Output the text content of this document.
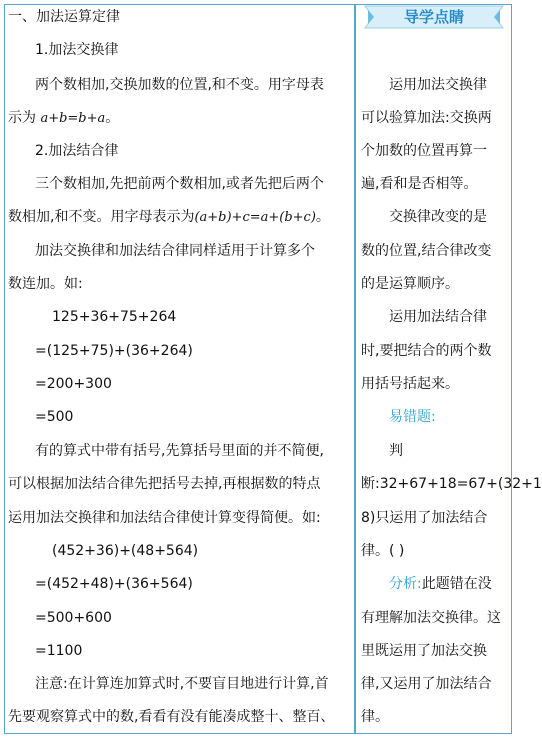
一、加法运算定律
1.加法交换律
两个数相加,交换加数的位置,和不变。用字母表
示为 a+b=b+a。
2.加法结合律
三个数相加,先把前两个数相加,或者先把后两个
数相加,和不变。用字母表示为(a+b)+c=a+(b+c)。
加法交换律和加法结合律同样适用于计算多个
数连加。如:
125+36+75+264
=(125+75)+(36+264)
=200+300
=500
有的算式中带有括号,先算括号里面的并不简便,
可以根据加法结合律先把括号去掉,再根据数的特点
运用加法交换律和加法结合律使计算变得简便。如:
(452+36)+(48+564)
=(452+48)+(36+564)
=500+600
=1100
注意:在计算连加算式时,不要盲目地进行计算,首
先要观察算式中的数,看看有没有能凑成整十、整百、
导学点睛
运用加法交换律
可以验算加法:交换两
个加数的位置再算一
遍,看和是否相等。
交换律改变的是
数的位置,结合律改变
的是运算顺序。
运用加法结合律
时,要把结合的两个数
用括号括起来。
易错题:
判
断:32+67+18=67+(32+1
8)只运用了加法结合
律。( )
分析:此题错在没
有理解加法交换律。这
里既运用了加法交换
律,又运用了加法结合
律。
